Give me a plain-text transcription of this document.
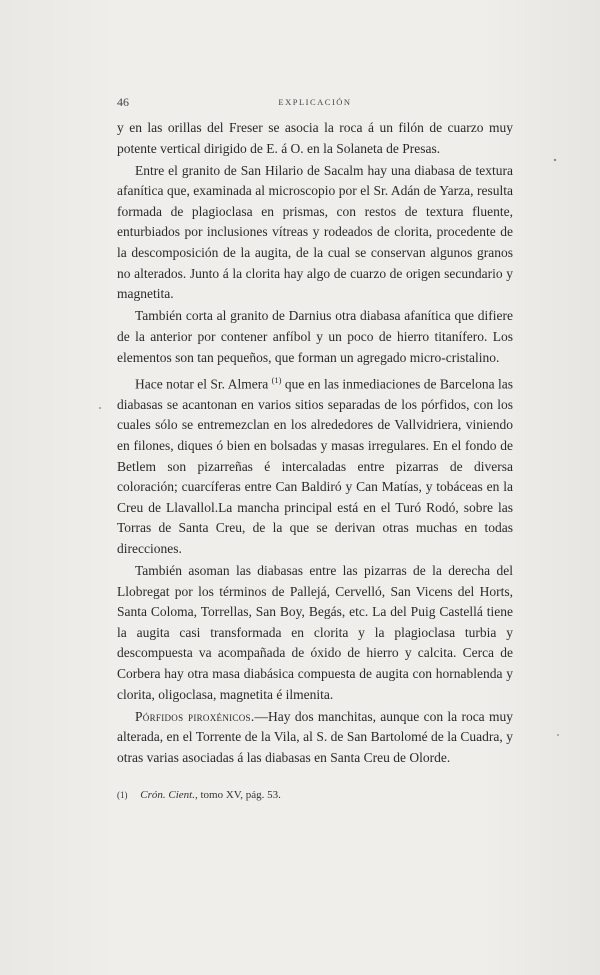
46	EXPLICACIÓN

y en las orillas del Freser se asocia la roca á un filón de cuarzo muy potente vertical dirigido de E. á O. en la Solaneta de Presas.

Entre el granito de San Hilario de Sacalm hay una diabasa de textura afanítica que, examinada al microscopio por el Sr. Adán de Yarza, resulta formada de plagioclasa en prismas, con restos de textura fluente, enturbiados por inclusiones vítreas y rodeados de clorita, procedente de la descomposición de la augita, de la cual se conservan algunos granos no alterados. Junto á la clorita hay algo de cuarzo de origen secundario y magnetita.

También corta al granito de Darnius otra diabasa afanítica que difiere de la anterior por contener anfíbol y un poco de hierro titanífero. Los elementos son tan pequeños, que forman un agregado micro-cristalino.

Hace notar el Sr. Almera $^{(1)}$ que en las inmediaciones de Barcelona las diabasas se acantonan en varios sitios separadas de los pórfidos, con los cuales sólo se entremezclan en los alrededores de Vallvidriera, viniendo en filones, diques ó bien en bolsadas y masas irregulares. En el fondo de Betlem son pizarreñas é intercaladas entre pizarras de diversa coloración; cuarcíferas entre Can Baldiró y Can Matías, y tobáceas en la Creu de Llavallol.La mancha principal está en el Turó Rodó, sobre las Torras de Santa Creu, de la que se derivan otras muchas en todas direcciones.

También asoman las diabasas entre las pizarras de la derecha del Llobregat por los términos de Pallejá, Cervelló, San Vicens del Horts, Santa Coloma, Torrellas, San Boy, Begás, etc. La del Puig Castellá tiene la augita casi transformada en clorita y la plagioclasa turbia y descompuesta va acompañada de óxido de hierro y calcita. Cerca de Corbera hay otra masa diabásica compuesta de augita con hornablenda y clorita, oligoclasa, magnetita é ilmenita.

Pórfidos piroxénicos.—Hay dos manchitas, aunque con la roca muy alterada, en el Torrente de la Vila, al S. de San Bartolomé de la Cuadra, y otras varias asociadas á las diabasas en Santa Creu de Olorde.

(1) Crón. Cient., tomo XV, pág. 53.
